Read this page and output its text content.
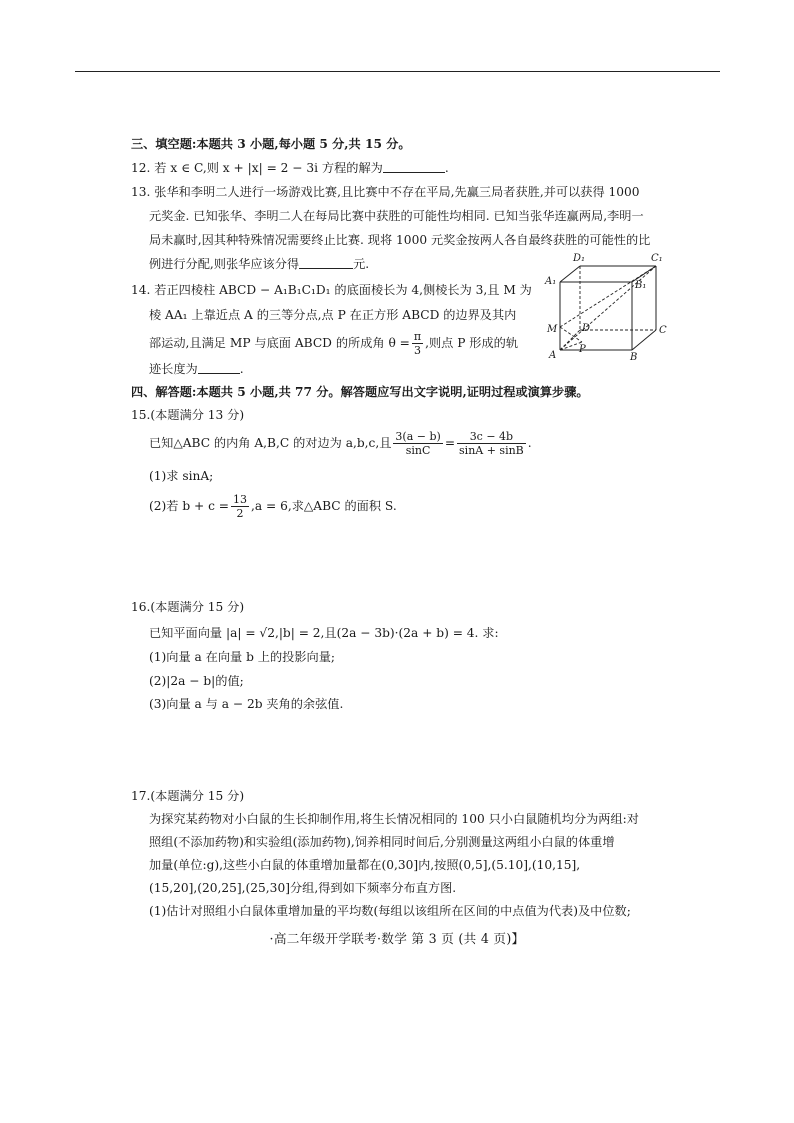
三、填空题:本题共 3 小题,每小题 5 分,共 15 分。
12. 若 x ∈ C,则 x + |x| = 2 − 3i 方程的解为	.
13. 张华和李明二人进行一场游戏比赛,且比赛中不存在平局,先赢三局者获胜,并可以获得 1000
元奖金. 已知张华、李明二人在每局比赛中获胜的可能性均相同. 已知当张华连赢两局,李明一
局未赢时,因其种特殊情况需要终止比赛. 现将 1000 元奖金按两人各自最终获胜的可能性的比
例进行分配,则张华应该分得	元.
14. 若正四棱柱 ABCD − A₁B₁C₁D₁ 的底面棱长为 4,侧棱长为 3,且 M 为
棱 AA₁ 上靠近点 A 的三等分点,点 P 在正方形 ABCD 的边界及其内
部运动,且满足 MP 与底面 ABCD 的所成角 $\theta = \frac{\pi}{3}$ ,则点 P 形成的轨
迹长度为	.
D₁	C₁
A₁	B₁
M D	C
A
P
B
四、解答题:本题共 5 小题,共 77 分。解答题应写出文字说明,证明过程或演算步骤。
15.(本题满分 13 分)
已知△ABC 的内角 A,B,C 的对边为 a,b,c,且 $\frac{3(a - b)}{\sin C} = \frac{3c - 4b}{\sin A + \sin B}$ .
(1)求 sinA;
(2)若 $b + c = \frac{13}{2} ,a = 6$,求△ABC 的面积 S.
16.(本题满分 15 分)
已知平面向量 |a| = √2,|b| = 2,且(2a − 3b)·(2a + b) = 4. 求:
(1)向量 a 在向量 b 上的投影向量;
(2)|2a − b|的值;
(3)向量 a 与 a − 2b 夹角的余弦值.
17.(本题满分 15 分)
为探究某药物对小白鼠的生长抑制作用,将生长情况相同的 100 只小白鼠随机均分为两组:对
照组(不添加药物)和实验组(添加药物),饲养相同时间后,分别测量这两组小白鼠的体重增
加量(单位:g),这些小白鼠的体重增加量都在(0,30]内,按照(0,5],(5.10],(10,15],
(15,20],(20,25],(25,30]分组,得到如下频率分布直方图.
(1)估计对照组小白鼠体重增加量的平均数(每组以该组所在区间的中点值为代表)及中位数;
·高二年级开学联考·数学 第 3 页 (共 4 页)】
